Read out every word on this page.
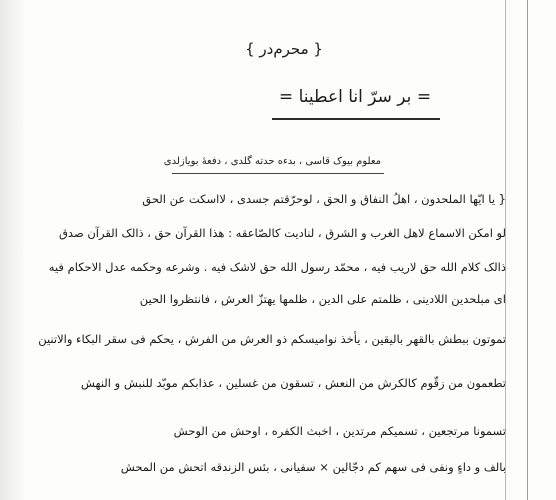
{ محرم‌در }
= بر سرّ انا اعطینا =
معلوم بیوک قاسی ، بدءه حدته گلدی ، دفعهٔ بویازلدی
{ یا ایّها الملحدون ، اهلُ النفاق و الحق ، لوحرّقتم جسدی ، لااسکت عن الحق
لو امکن الاسماع لاهل الغرب و الشرق ، لنادیت کالصّاعقه : هذا القرآن حق ، ذالک القرآن صدق
ذالک کلام الله حق لاریب فیه ، محمّد رسول الله حق لاشک فیه . وشرعه وحکمه عدل الاحکام فیه
ای مبلحدین اللادینی ، ظلمتم علی الدین ، ظلمها یهتزّ العرش ، فانتظروا الحین
تموتون ببطش بالقهر بالیقین ، یأخذ نوامیسکم ذو العرش من الفرش ، یحکم فی سقر البکاء والاتنین
تطعمون من زقّوم کالکرش من النعش ، تسقون من غسلین ، عذابکم موبّد للنبش و النهش
تسمونا مرتجعین ، تسمیکم مرتدین ، اخبث الکفره ، اوحش من الوحش
بالف و داءٍ ونفی فی سهم کم دجّالین × سفیانی ، بئس الزندقه اتحش من المحش
